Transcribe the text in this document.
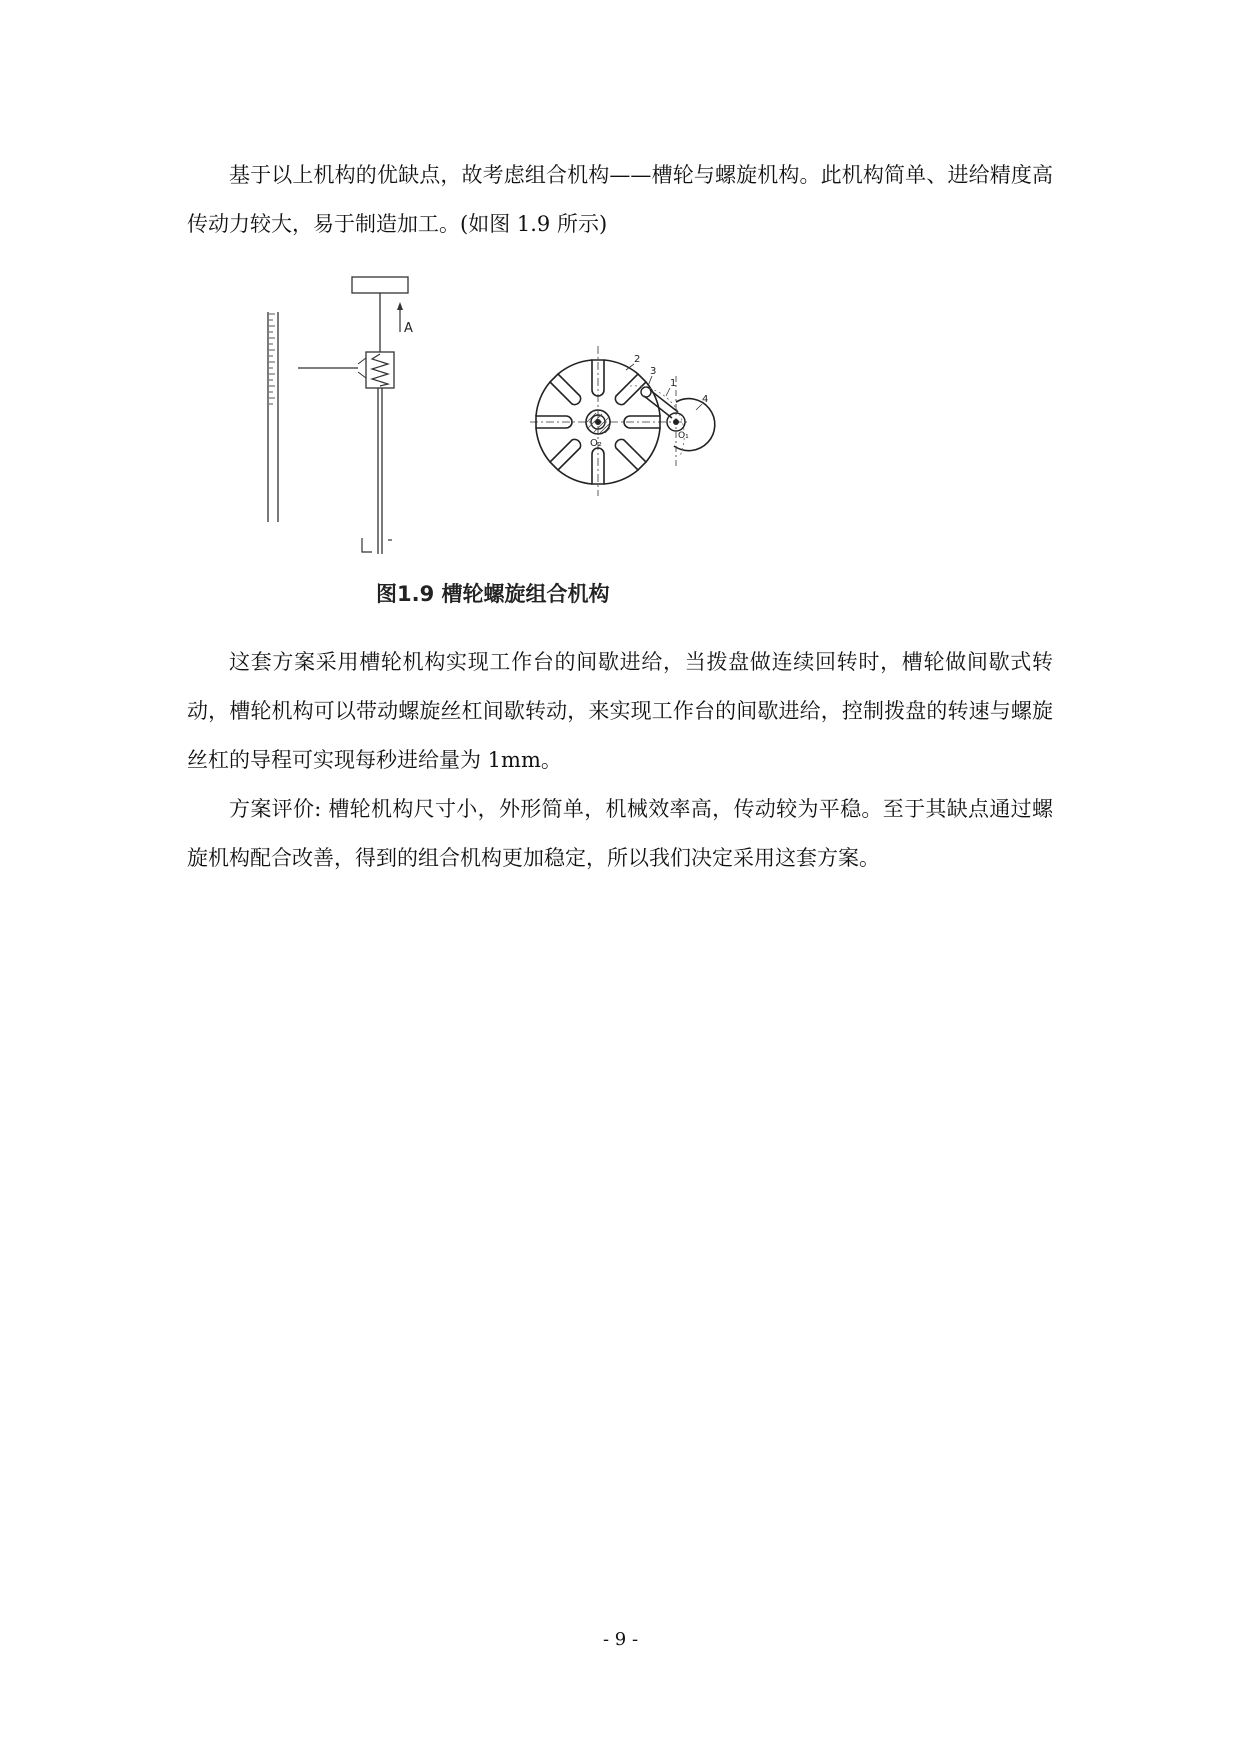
基于以上机构的优缺点，故考虑组合机构——槽轮与螺旋机构。此机构简单、进给精度高传动力较大，易于制造加工。(如图 1.9 所示)

A
2
3
1
4
O₂
O₁
图1.9 槽轮螺旋组合机构

这套方案采用槽轮机构实现工作台的间歇进给，当拨盘做连续回转时，槽轮做间歇式转动，槽轮机构可以带动螺旋丝杠间歇转动，来实现工作台的间歇进给，控制拨盘的转速与螺旋丝杠的导程可实现每秒进给量为 1mm。

方案评价: 槽轮机构尺寸小，外形简单，机械效率高，传动较为平稳。至于其缺点通过螺旋机构配合改善，得到的组合机构更加稳定，所以我们决定采用这套方案。

- 9 -
